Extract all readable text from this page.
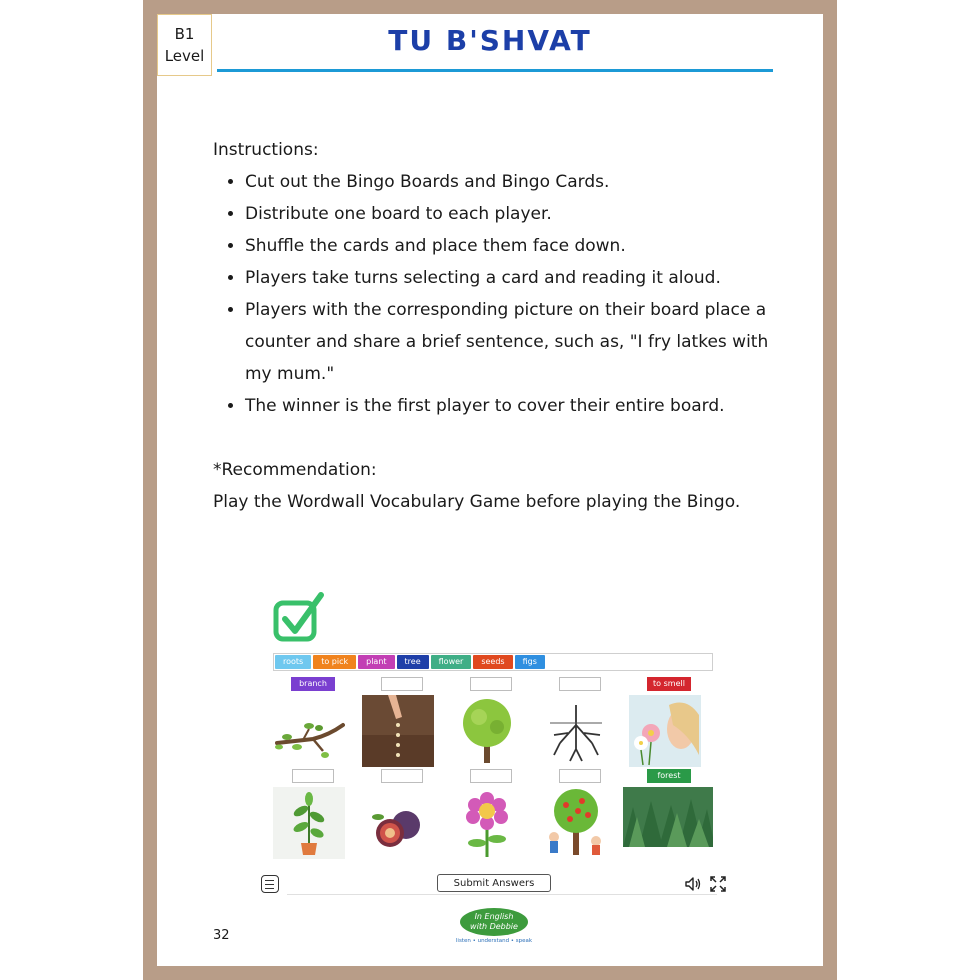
B1
Level	TU B'SHVAT

Instructions:

• Cut out the Bingo Boards and Bingo Cards.
• Distribute one board to each player.
• Shuffle the cards and place them face down.
• Players take turns selecting a card and reading it aloud.
• Players with the corresponding picture on their board place a counter and share a brief sentence, such as, "I fry latkes with my mum."
• The winner is the first player to cover their entire board.

*Recommendation:

Play the Wordwall Vocabulary Game before playing the Bingo.

roots	to pick	plant	tree	flower	seeds	figs
branch	to smell
forest
Submit Answers
32
In English
with Debbie
listen • understand • speak
